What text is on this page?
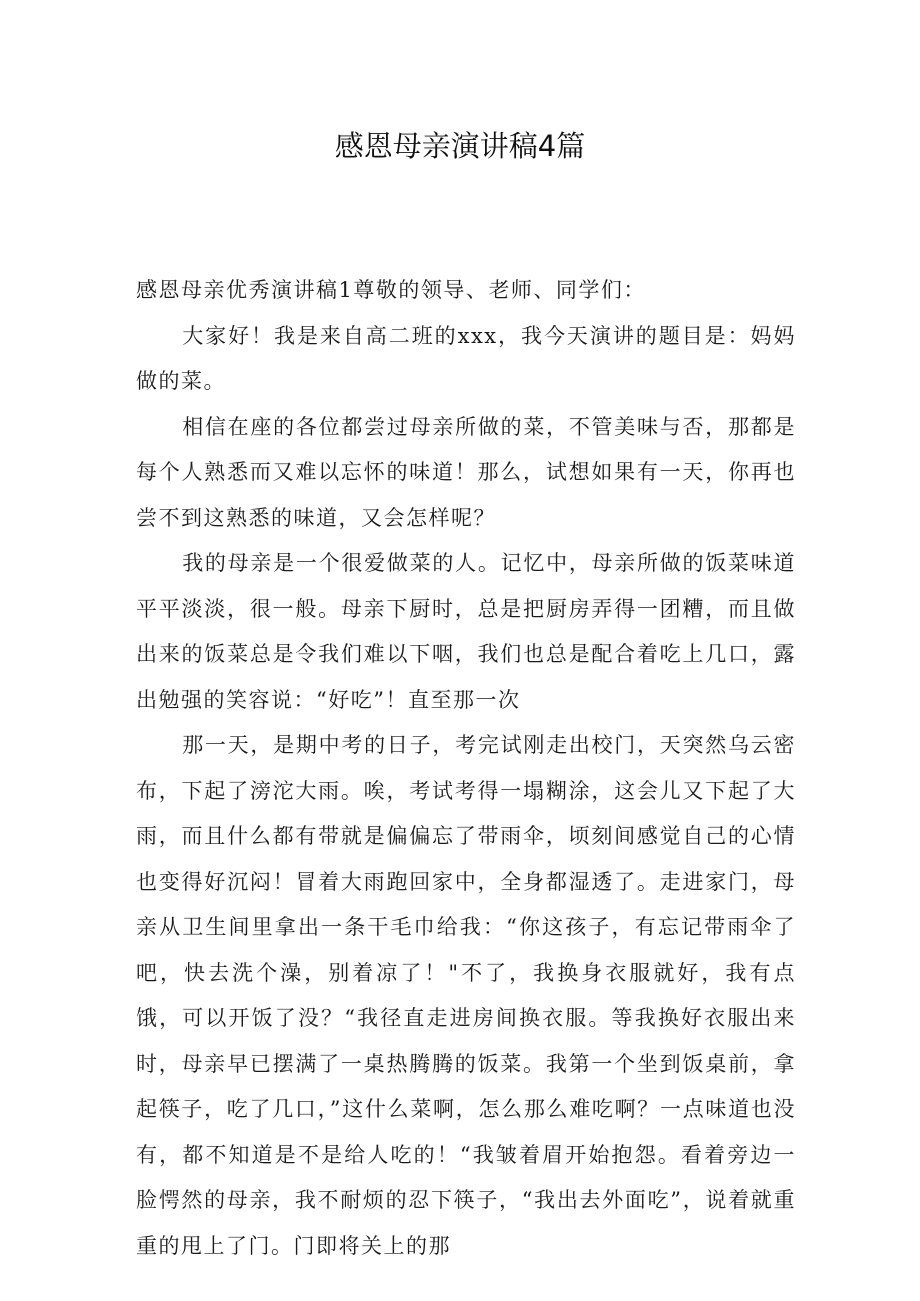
感恩母亲演讲稿4篇

感恩母亲优秀演讲稿1尊敬的领导、老师、同学们：

大家好！我是来自高二班的xxx，我今天演讲的题目是：妈妈做的菜。

相信在座的各位都尝过母亲所做的菜，不管美味与否，那都是每个人熟悉而又难以忘怀的味道！那么，试想如果有一天，你再也尝不到这熟悉的味道，又会怎样呢？

我的母亲是一个很爱做菜的人。记忆中，母亲所做的饭菜味道平平淡淡，很一般。母亲下厨时，总是把厨房弄得一团糟，而且做出来的饭菜总是令我们难以下咽，我们也总是配合着吃上几口，露出勉强的笑容说：“好吃”！直至那一次

那一天，是期中考的日子，考完试刚走出校门，天突然乌云密布，下起了滂沱大雨。唉，考试考得一塌糊涂，这会儿又下起了大雨，而且什么都有带就是偏偏忘了带雨伞，顷刻间感觉自己的心情也变得好沉闷！冒着大雨跑回家中，全身都湿透了。走进家门，母亲从卫生间里拿出一条干毛巾给我：“你这孩子，有忘记带雨伞了吧，快去洗个澡，别着凉了！"不了，我换身衣服就好，我有点饿，可以开饭了没？“我径直走进房间换衣服。等我换好衣服出来时，母亲早已摆满了一桌热腾腾的饭菜。我第一个坐到饭桌前，拿起筷子，吃了几口，”这什么菜啊，怎么那么难吃啊？一点味道也没有，都不知道是不是给人吃的！“我皱着眉开始抱怨。看着旁边一脸愕然的母亲，我不耐烦的忍下筷子，“我出去外面吃”，说着就重重的甩上了门。门即将关上的那
